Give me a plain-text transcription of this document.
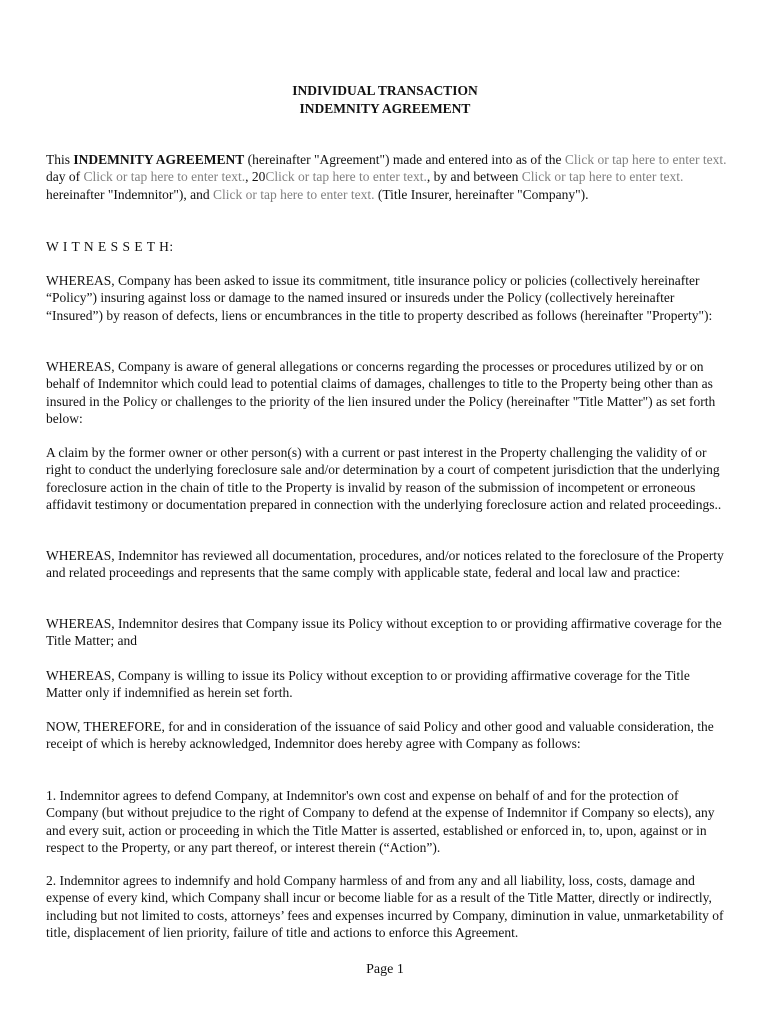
INDIVIDUAL TRANSACTION
INDEMNITY AGREEMENT
This INDEMNITY AGREEMENT (hereinafter "Agreement") made and entered into as of the Click or tap here to enter text. day of Click or tap here to enter text., 20Click or tap here to enter text., by and between Click or tap here to enter text. hereinafter "Indemnitor"), and Click or tap here to enter text. (Title Insurer, hereinafter "Company").
W I T N E S S E T H:
WHEREAS, Company has been asked to issue its commitment, title insurance policy or policies (collectively hereinafter “Policy”) insuring against loss or damage to the named insured or insureds under the Policy (collectively hereinafter “Insured”) by reason of defects, liens or encumbrances in the title to property described as follows (hereinafter "Property"):
WHEREAS, Company is aware of general allegations or concerns regarding the processes or procedures utilized by or on behalf of Indemnitor which could lead to potential claims of damages, challenges to title to the Property being other than as insured in the Policy or challenges to the priority of the lien insured under the Policy (hereinafter "Title Matter") as set forth below:
A claim by the former owner or other person(s) with a current or past interest in the Property challenging the validity of or right to conduct the underlying foreclosure sale and/or determination by a court of competent jurisdiction that the underlying foreclosure action in the chain of title to the Property is invalid by reason of the submission of incompetent or erroneous affidavit testimony or documentation prepared in connection with the underlying foreclosure action and related proceedings..
WHEREAS, Indemnitor has reviewed all documentation, procedures, and/or notices related to the foreclosure of the Property and related proceedings and represents that the same comply with applicable state, federal and local law and practice:
WHEREAS, Indemnitor desires that Company issue its Policy without exception to or providing affirmative coverage for the Title Matter; and
WHEREAS, Company is willing to issue its Policy without exception to or providing affirmative coverage for the Title Matter only if indemnified as herein set forth.
NOW, THEREFORE, for and in consideration of the issuance of said Policy and other good and valuable consideration, the receipt of which is hereby acknowledged, Indemnitor does hereby agree with Company as follows:
1. Indemnitor agrees to defend Company, at Indemnitor's own cost and expense on behalf of and for the protection of Company (but without prejudice to the right of Company to defend at the expense of Indemnitor if Company so elects), any and every suit, action or proceeding in which the Title Matter is asserted, established or enforced in, to, upon, against or in respect to the Property, or any part thereof, or interest therein (“Action”).
2. Indemnitor agrees to indemnify and hold Company harmless of and from any and all liability, loss, costs, damage and expense of every kind, which Company shall incur or become liable for as a result of the Title Matter, directly or indirectly, including but not limited to costs, attorneys’ fees and expenses incurred by Company, diminution in value, unmarketability of title, displacement of lien priority, failure of title and actions to enforce this Agreement.
Page 1
